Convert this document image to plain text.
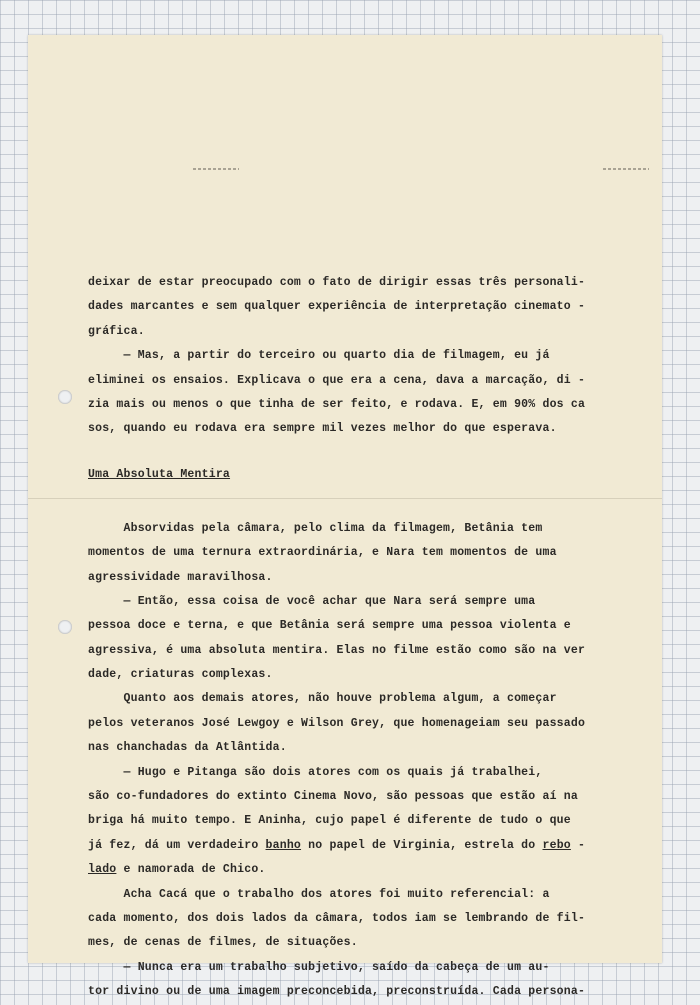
deixar de estar preocupado com o fato de dirigir essas três personali-
dades marcantes e sem qualquer experiência de interpretação cinemato -
gráfica.
— Mas, a partir do terceiro ou quarto dia de filmagem, eu já
eliminei os ensaios. Explicava o que era a cena, dava a marcação, di -
zia mais ou menos o que tinha de ser feito, e rodava. E, em 90% dos ca
sos, quando eu rodava era sempre mil vezes melhor do que esperava.
Uma Absoluta Mentira
Absorvidas pela câmara, pelo clima da filmagem, Betânia tem
momentos de uma ternura extraordinária, e Nara tem momentos de uma
agressividade maravilhosa.
— Então, essa coisa de você achar que Nara será sempre uma
pessoa doce e terna, e que Betânia será sempre uma pessoa violenta e
agressiva, é uma absoluta mentira. Elas no filme estão como são na ver
dade, criaturas complexas.
Quanto aos demais atores, não houve problema algum, a começar
pelos veteranos José Lewgoy e Wilson Grey, que homenageiam seu passado
nas chanchadas da Atlântida.
— Hugo e Pitanga são dois atores com os quais já trabalhei,
são co-fundadores do extinto Cinema Novo, são pessoas que estão aí na
briga há muito tempo. E Aninha, cujo papel é diferente de tudo o que
já fez, dá um verdadeiro banho no papel de Virginia, estrela do rebo -
lado e namorada de Chico.
Acha Cacá que o trabalho dos atores foi muito referencial: a
cada momento, dos dois lados da câmara, todos iam se lembrando de fil-
mes, de cenas de filmes, de situações.
— Nunca era um trabalho subjetivo, saído da cabeça de um au-
tor divino ou de uma imagem preconcebida, preconstruída. Cada persona-
